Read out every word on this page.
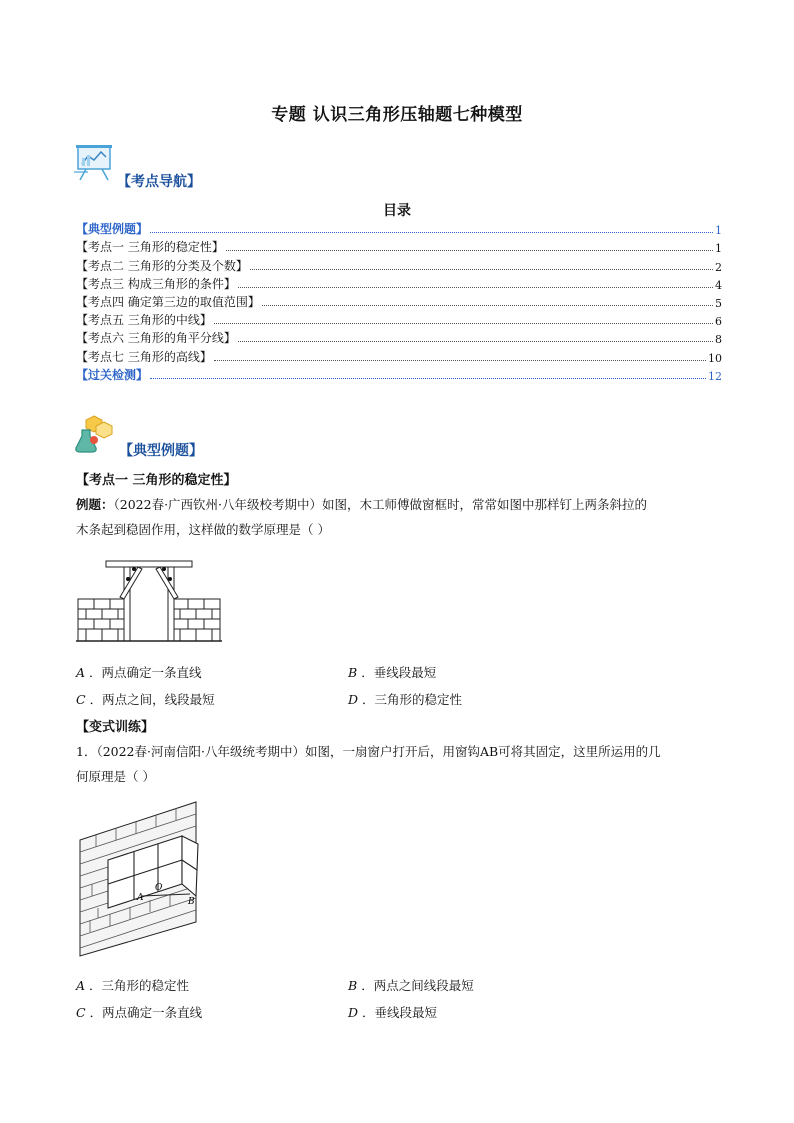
专题 认识三角形压轴题七种模型
【考点导航】
目录
【典型例题】	1
【考点一 三角形的稳定性】	1
【考点二 三角形的分类及个数】	2
【考点三 构成三角形的条件】	4
【考点四 确定第三边的取值范围】	5
【考点五 三角形的中线】	6
【考点六 三角形的角平分线】	8
【考点七 三角形的高线】	10
【过关检测】	12
【典型例题】
【考点一 三角形的稳定性】
例题：（2022春·广西钦州·八年级校考期中）如图，木工师傅做窗框时，常常如图中那样钉上两条斜拉的
木条起到稳固作用，这样做的数学原理是（ ）
A ．两点确定一条直线	B ．垂线段最短
C ．两点之间，线段最短	D ．三角形的稳定性
【变式训练】
1．（2022春·河南信阳·八年级统考期中）如图，一扇窗户打开后，用窗钩AB可将其固定，这里所运用的几
何原理是（ ）
A
O
B
A ．三角形的稳定性	B ．两点之间线段最短
C ．两点确定一条直线	D ．垂线段最短
